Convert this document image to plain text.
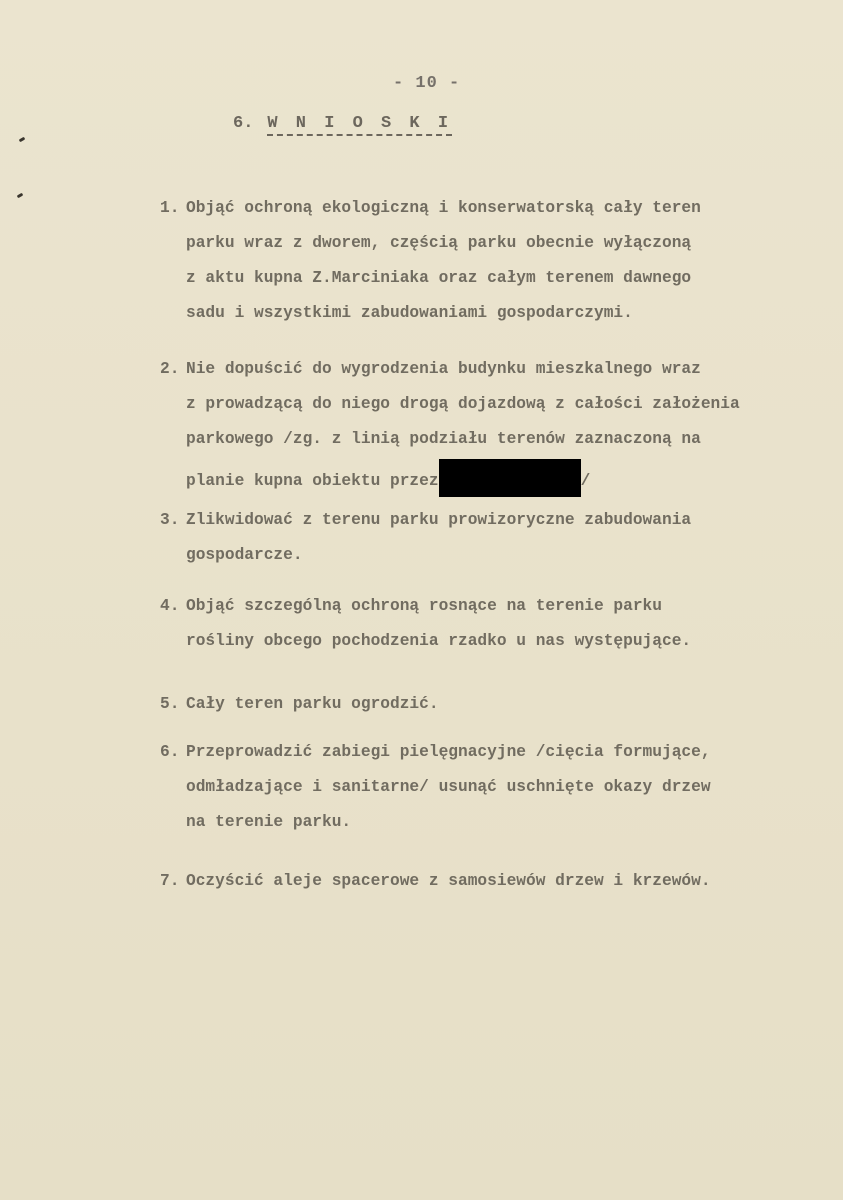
- 10 -
6. W N I O S K I
1. Objąć ochroną ekologiczną i konserwatorską cały teren
parku wraz z dworem, częścią parku obecnie wyłączoną
z aktu kupna Z.Marciniaka oraz całym terenem dawnego
sadu i wszystkimi zabudowaniami gospodarczymi.
2. Nie dopuścić do wygrodzenia budynku mieszkalnego wraz
z prowadzącą do niego drogą dojazdową z całości założenia
parkowego /zg. z linią podziału terenów zaznaczoną na
planie kupna obiektu przez	/
3. Zlikwidować z terenu parku prowizoryczne zabudowania
gospodarcze.
4. Objąć szczególną ochroną rosnące na terenie parku
rośliny obcego pochodzenia rzadko u nas występujące.
5. Cały teren parku ogrodzić.
6. Przeprowadzić zabiegi pielęgnacyjne /cięcia formujące,
odmładzające i sanitarne/ usunąć uschnięte okazy drzew
na terenie parku.
7. Oczyścić aleje spacerowe z samosiewów drzew i krzewów.
